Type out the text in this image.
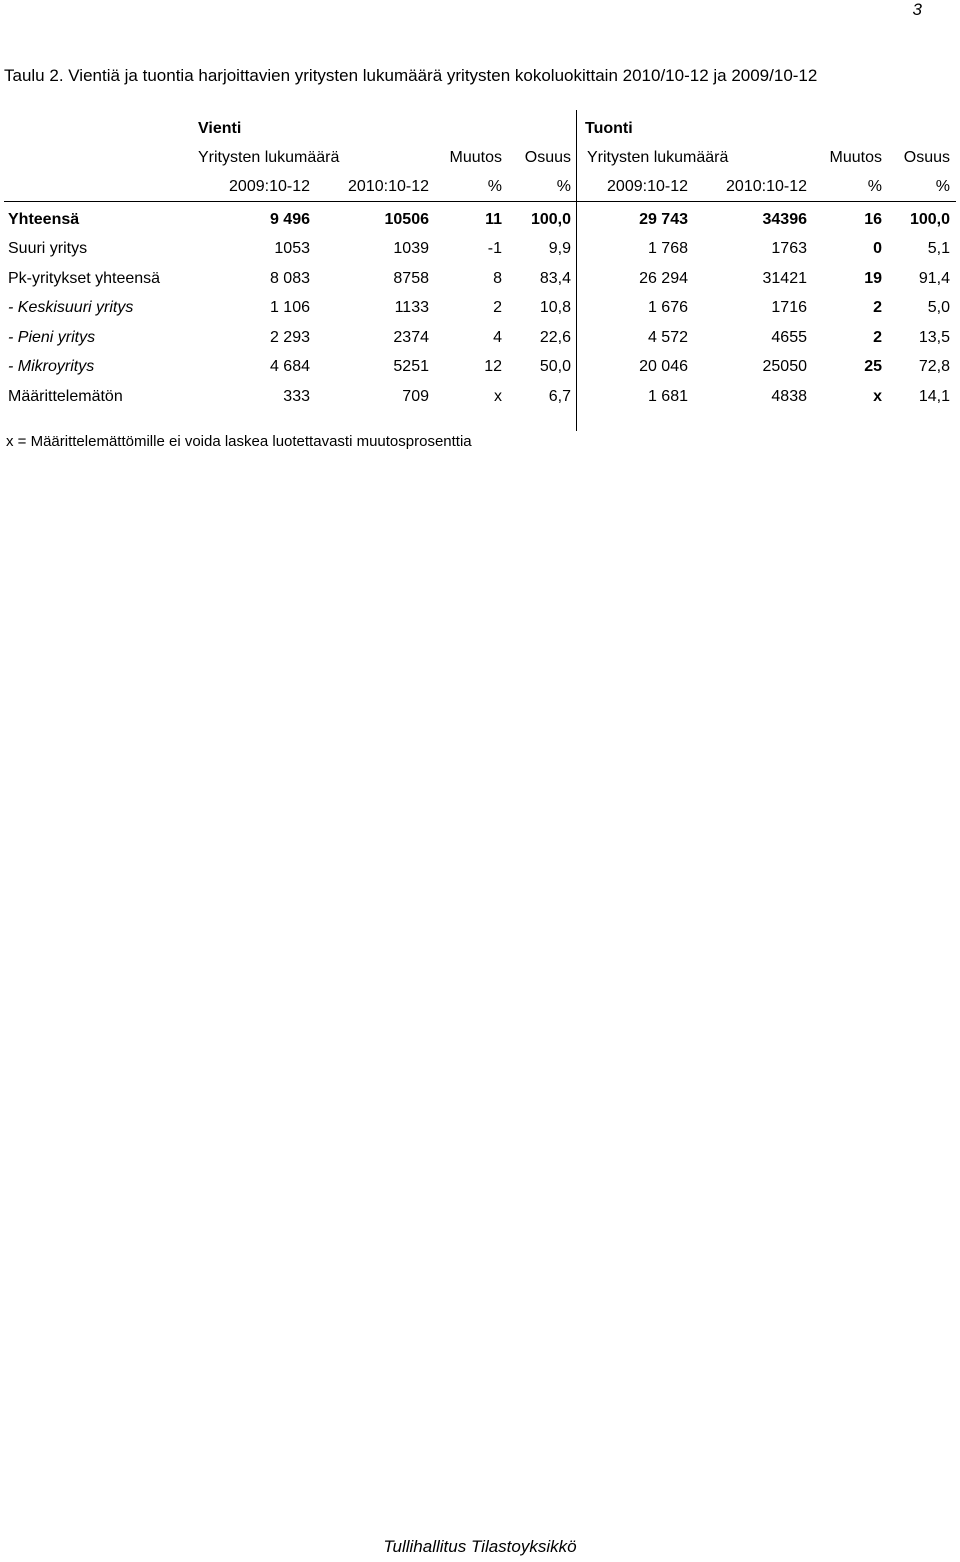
3
Taulu 2. Vientiä ja tuontia harjoittavien yritysten lukumäärä yritysten kokoluokittain 2010/10-12 ja 2009/10-12
Vienti	Tuonti
Yritysten lukumäärä	Muutos	Osuus Yritysten lukumäärä	Muutos	Osuus
2009:10-12	2010:10-12	%	%	2009:10-12	2010:10-12	%	%
Yhteensä	9 496	10506	11	100,0	29 743	34396	16	100,0
Suuri yritys	1053	1039	-1	9,9	1 768	1763	0	5,1
Pk-yritykset yhteensä	8 083	8758	8	83,4	26 294	31421	19	91,4
- Keskisuuri yritys	1 106	1133	2	10,8	1 676	1716	2	5,0
- Pieni yritys	2 293	2374	4	22,6	4 572	4655	2	13,5
- Mikroyritys	4 684	5251	12	50,0	20 046	25050	25	72,8
Määrittelemätön	333	709	x	6,7	1 681	4838	x	14,1
x = Määrittelemättömille ei voida laskea luotettavasti muutosprosenttia
Tullihallitus Tilastoyksikkö
